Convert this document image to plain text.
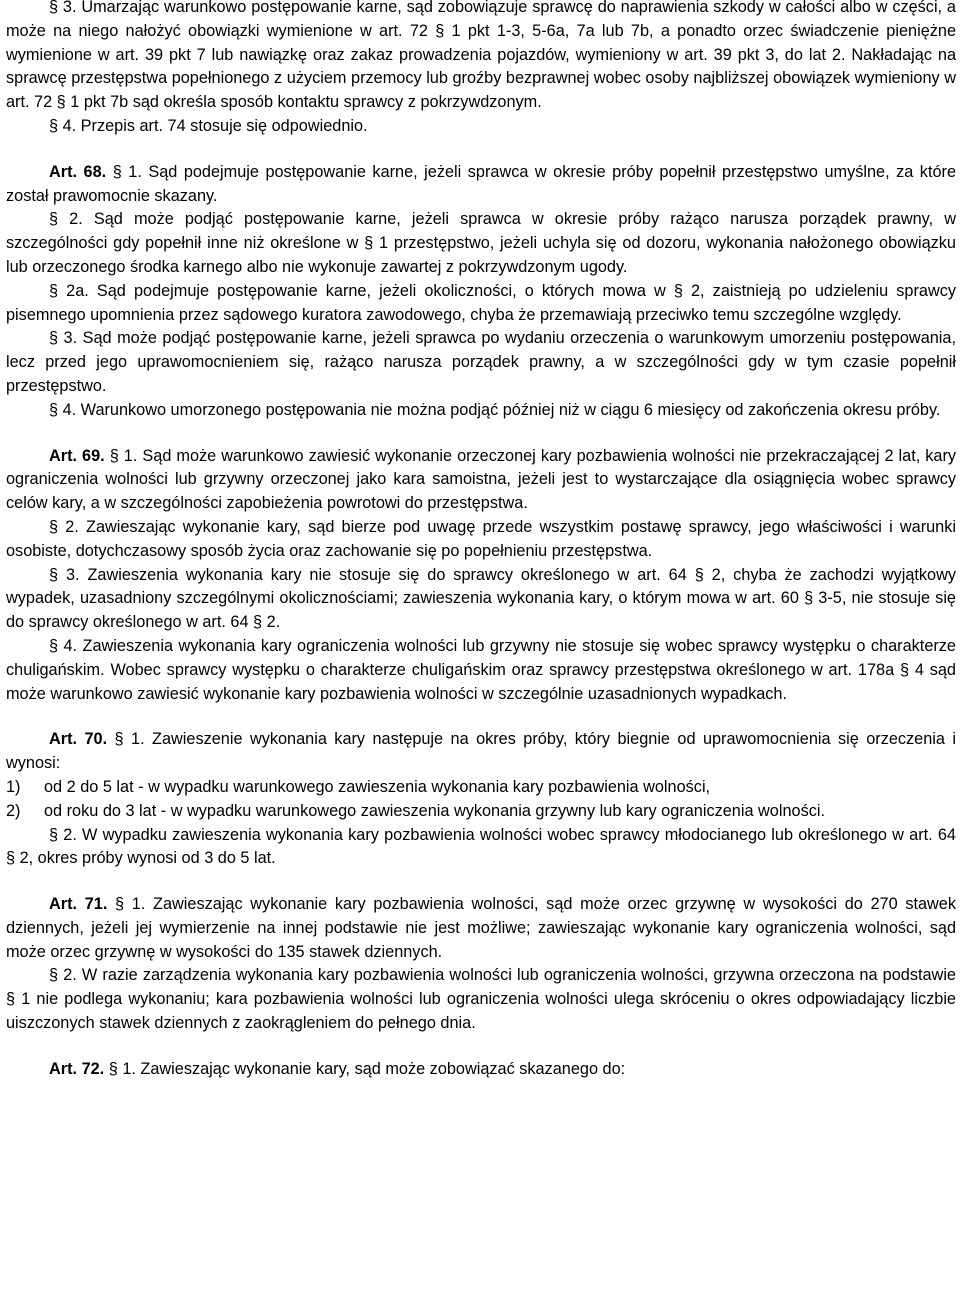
§ 3. Umarzając warunkowo postępowanie karne, sąd zobowiązuje sprawcę do naprawienia szkody w całości albo w części, a może na niego nałożyć obowiązki wymienione w art. 72 § 1 pkt 1-3, 5-6a, 7a lub 7b, a ponadto orzec świadczenie pieniężne wymienione w art. 39 pkt 7 lub nawiązkę oraz zakaz prowadzenia pojazdów, wymieniony w art. 39 pkt 3, do lat 2. Nakładając na sprawcę przestępstwa popełnionego z użyciem przemocy lub groźby bezprawnej wobec osoby najbliższej obowiązek wymieniony w art. 72 § 1 pkt 7b sąd określa sposób kontaktu sprawcy z pokrzywdzonym.

§ 4. Przepis art. 74 stosuje się odpowiednio.

Art. 68. § 1. Sąd podejmuje postępowanie karne, jeżeli sprawca w okresie próby popełnił przestępstwo umyślne, za które został prawomocnie skazany.

§ 2. Sąd może podjąć postępowanie karne, jeżeli sprawca w okresie próby rażąco narusza porządek prawny, w szczególności gdy popełnił inne niż określone w § 1 przestępstwo, jeżeli uchyla się od dozoru, wykonania nałożonego obowiązku lub orzeczonego środka karnego albo nie wykonuje zawartej z pokrzywdzonym ugody.

§ 2a. Sąd podejmuje postępowanie karne, jeżeli okoliczności, o których mowa w § 2, zaistnieją po udzieleniu sprawcy pisemnego upomnienia przez sądowego kuratora zawodowego, chyba że przemawiają przeciwko temu szczególne względy.

§ 3. Sąd może podjąć postępowanie karne, jeżeli sprawca po wydaniu orzeczenia o warunkowym umorzeniu postępowania, lecz przed jego uprawomocnieniem się, rażąco narusza porządek prawny, a w szczególności gdy w tym czasie popełnił przestępstwo.

§ 4. Warunkowo umorzonego postępowania nie można podjąć później niż w ciągu 6 miesięcy od zakończenia okresu próby.

Art. 69. § 1. Sąd może warunkowo zawiesić wykonanie orzeczonej kary pozbawienia wolności nie przekraczającej 2 lat, kary ograniczenia wolności lub grzywny orzeczonej jako kara samoistna, jeżeli jest to wystarczające dla osiągnięcia wobec sprawcy celów kary, a w szczególności zapobieżenia powrotowi do przestępstwa.

§ 2. Zawieszając wykonanie kary, sąd bierze pod uwagę przede wszystkim postawę sprawcy, jego właściwości i warunki osobiste, dotychczasowy sposób życia oraz zachowanie się po popełnieniu przestępstwa.

§ 3. Zawieszenia wykonania kary nie stosuje się do sprawcy określonego w art. 64 § 2, chyba że zachodzi wyjątkowy wypadek, uzasadniony szczególnymi okolicznościami; zawieszenia wykonania kary, o którym mowa w art. 60 § 3-5, nie stosuje się do sprawcy określonego w art. 64 § 2.

§ 4. Zawieszenia wykonania kary ograniczenia wolności lub grzywny nie stosuje się wobec sprawcy występku o charakterze chuligańskim. Wobec sprawcy występku o charakterze chuligańskim oraz sprawcy przestępstwa określonego w art. 178a § 4 sąd może warunkowo zawiesić wykonanie kary pozbawienia wolności w szczególnie uzasadnionych wypadkach.

Art. 70. § 1. Zawieszenie wykonania kary następuje na okres próby, który biegnie od uprawomocnienia się orzeczenia i wynosi:

1)	od 2 do 5 lat - w wypadku warunkowego zawieszenia wykonania kary pozbawienia wolności,
2)	od roku do 3 lat - w wypadku warunkowego zawieszenia wykonania grzywny lub kary ograniczenia wolności.

§ 2. W wypadku zawieszenia wykonania kary pozbawienia wolności wobec sprawcy młodocianego lub określonego w art. 64 § 2, okres próby wynosi od 3 do 5 lat.

Art. 71. § 1. Zawieszając wykonanie kary pozbawienia wolności, sąd może orzec grzywnę w wysokości do 270 stawek dziennych, jeżeli jej wymierzenie na innej podstawie nie jest możliwe; zawieszając wykonanie kary ograniczenia wolności, sąd może orzec grzywnę w wysokości do 135 stawek dziennych.

§ 2. W razie zarządzenia wykonania kary pozbawienia wolności lub ograniczenia wolności, grzywna orzeczona na podstawie § 1 nie podlega wykonaniu; kara pozbawienia wolności lub ograniczenia wolności ulega skróceniu o okres odpowiadający liczbie uiszczonych stawek dziennych z zaokrągleniem do pełnego dnia.

Art. 72. § 1. Zawieszając wykonanie kary, sąd może zobowiązać skazanego do:
